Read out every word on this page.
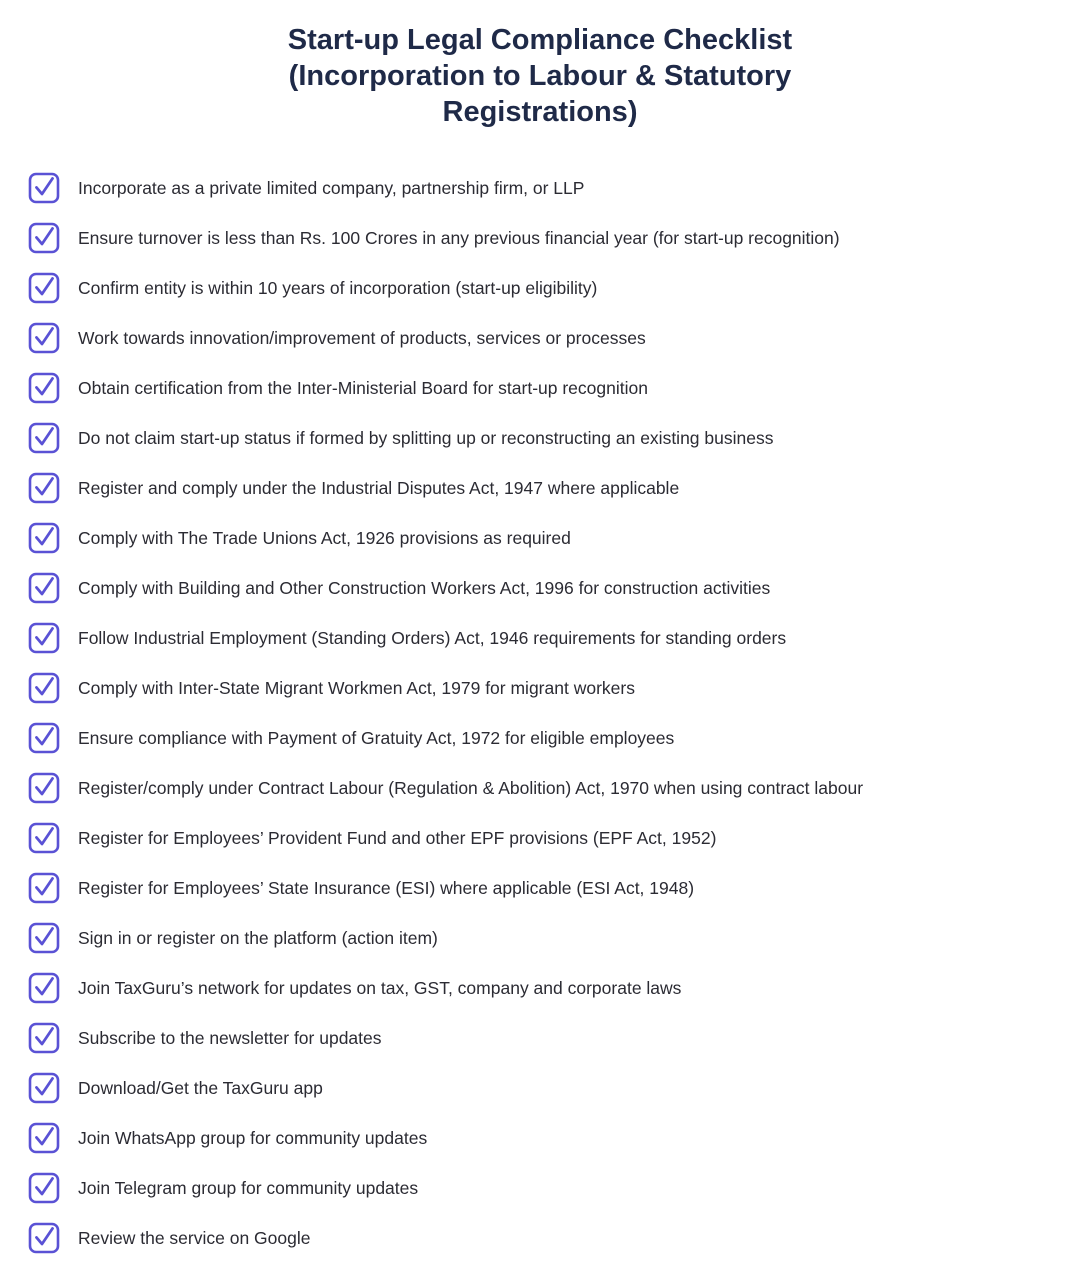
Start-up Legal Compliance Checklist
(Incorporation to Labour & Statutory
Registrations)
Incorporate as a private limited company, partnership firm, or LLP
Ensure turnover is less than Rs. 100 Crores in any previous financial year (for start-up recognition)
Confirm entity is within 10 years of incorporation (start-up eligibility)
Work towards innovation/improvement of products, services or processes
Obtain certification from the Inter-Ministerial Board for start-up recognition
Do not claim start-up status if formed by splitting up or reconstructing an existing business
Register and comply under the Industrial Disputes Act, 1947 where applicable
Comply with The Trade Unions Act, 1926 provisions as required
Comply with Building and Other Construction Workers Act, 1996 for construction activities
Follow Industrial Employment (Standing Orders) Act, 1946 requirements for standing orders
Comply with Inter-State Migrant Workmen Act, 1979 for migrant workers
Ensure compliance with Payment of Gratuity Act, 1972 for eligible employees
Register/comply under Contract Labour (Regulation & Abolition) Act, 1970 when using contract labour
Register for Employees’ Provident Fund and other EPF provisions (EPF Act, 1952)
Register for Employees’ State Insurance (ESI) where applicable (ESI Act, 1948)
Sign in or register on the platform (action item)
Join TaxGuru’s network for updates on tax, GST, company and corporate laws
Subscribe to the newsletter for updates
Download/Get the TaxGuru app
Join WhatsApp group for community updates
Join Telegram group for community updates
Review the service on Google
